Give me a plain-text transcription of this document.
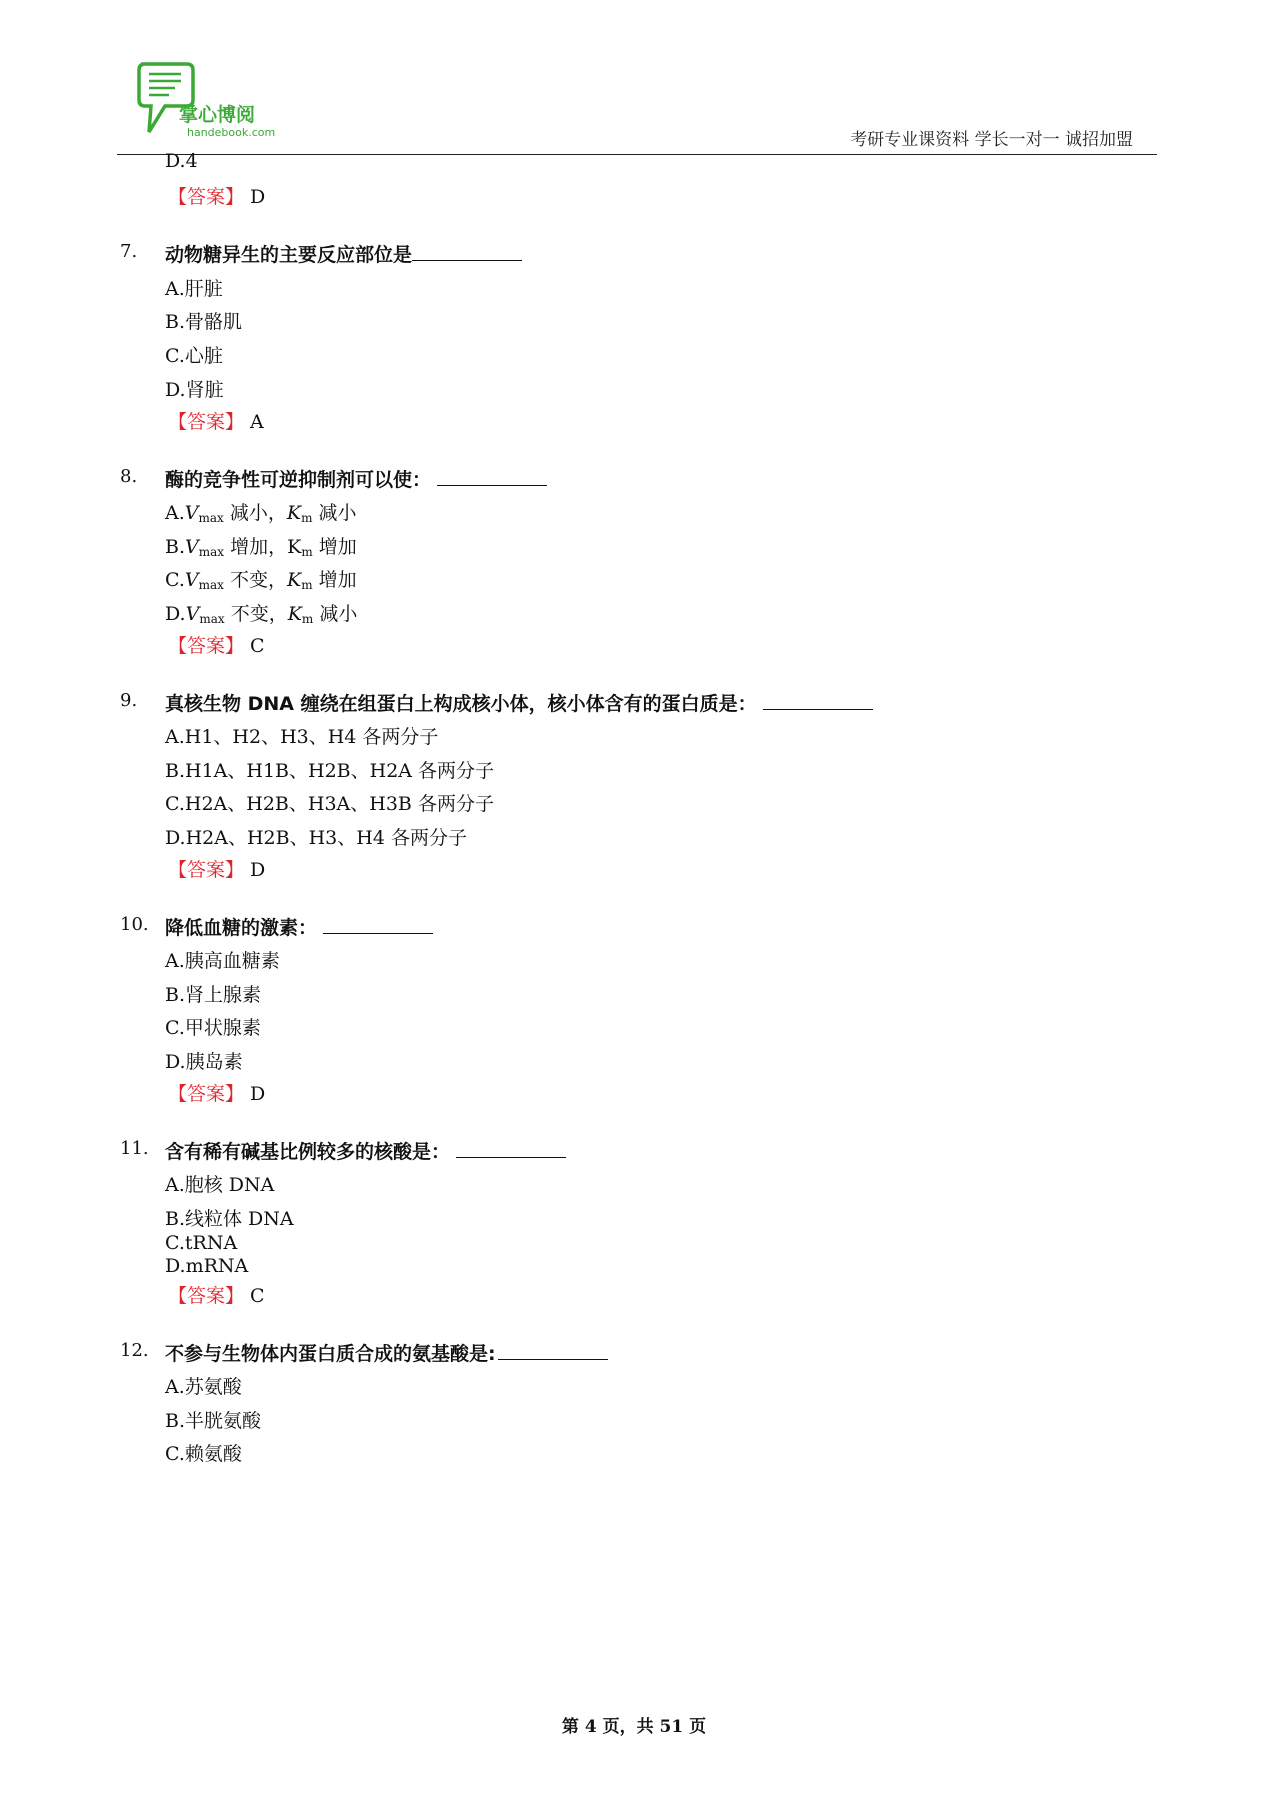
掌心博阅
handebook.com	考研专业课资料 学长一对一 诚招加盟
D.4
【答案】 D
7. 动物糖异生的主要反应部位是
A.肝脏
B.骨骼肌
C.心脏
D.肾脏
【答案】 A
8. 酶的竞争性可逆抑制剂可以使：
$A.V_{max}$ 减小，$K_m$ 减小
$B.V_{max}$ 增加，$K_m$ 增加
$C.V_{max}$ 不变，$K_m$ 增加
$D.V_{max}$ 不变，$K_m$ 减小
【答案】 C
9. 真核生物 DNA 缠绕在组蛋白上构成核小体，核小体含有的蛋白质是：
A.H1、H2、H3、H4 各两分子
B.H1A、H1B、H2B、H2A 各两分子
C.H2A、H2B、H3A、H3B 各两分子
D.H2A、H2B、H3、H4 各两分子
【答案】 D
10. 降低血糖的激素：
A.胰高血糖素
B.肾上腺素
C.甲状腺素
D.胰岛素
【答案】 D
11. 含有稀有碱基比例较多的核酸是：
A.胞核 DNA
B.线粒体 DNA
C.tRNA
D.mRNA
【答案】 C
12. 不参与生物体内蛋白质合成的氨基酸是:
A.苏氨酸
B.半胱氨酸
C.赖氨酸
第 4 页，共 51 页
